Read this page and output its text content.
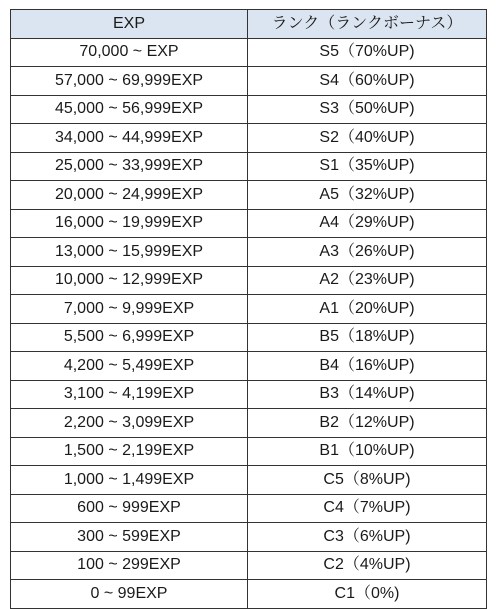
EXP	ランク（ランクボーナス）
70,000 ~ EXP	S5（70%UP)
57,000 ~ 69,999EXP	S4（60%UP)
45,000 ~ 56,999EXP	S3（50%UP)
34,000 ~ 44,999EXP	S2（40%UP)
25,000 ~ 33,999EXP	S1（35%UP)
20,000 ~ 24,999EXP	A5（32%UP)
16,000 ~ 19,999EXP	A4（29%UP)
13,000 ~ 15,999EXP	A3（26%UP)
10,000 ~ 12,999EXP	A2（23%UP)
7,000 ~ 9,999EXP	A1（20%UP)
5,500 ~ 6,999EXP	B5（18%UP)
4,200 ~ 5,499EXP	B4（16%UP)
3,100 ~ 4,199EXP	B3（14%UP)
2,200 ~ 3,099EXP	B2（12%UP)
1,500 ~ 2,199EXP	B1（10%UP)
1,000 ~ 1,499EXP	C5（8%UP)
600 ~ 999EXP	C4（7%UP)
300 ~ 599EXP	C3（6%UP)
100 ~ 299EXP	C2（4%UP)
0 ~ 99EXP	C1（0%)
